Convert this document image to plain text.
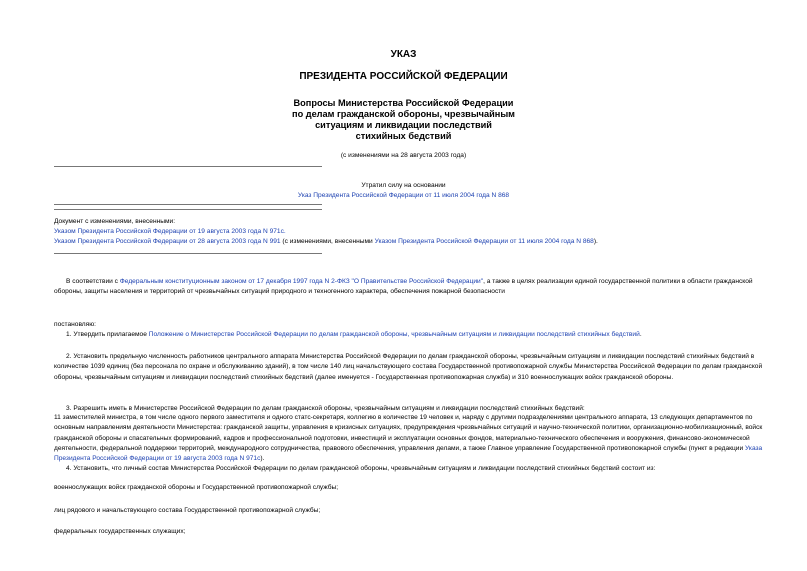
УКАЗ
ПРЕЗИДЕНТА РОССИЙСКОЙ ФЕДЕРАЦИИ
Вопросы Министерства Российской Федерации
по делам гражданской обороны, чрезвычайным
ситуациям и ликвидации последствий
стихийных бедствий
(с изменениями на 28 августа 2003 года)
Утратил силу на основании
Указ Президента Российской Федерации от 11 июля 2004 года N 868
Документ с изменениями, внесенными:
Указом Президента Российской Федерации от 19 августа 2003 года N 971с.
Указом Президента Российской Федерации от 28 августа 2003 года N 991 (с изменениями, внесенными Указом Президента Российской Федерации от 11 июля 2004 года N 868).
В соответствии с Федеральным конституционным законом от 17 декабря 1997 года N 2-ФКЗ "О Правительстве Российской Федерации", а также в целях реализации единой государственной политики в области гражданской обороны, защиты населения и территорий от чрезвычайных ситуаций природного и техногенного характера, обеспечения пожарной безопасности
постановляю:
1. Утвердить прилагаемое Положение о Министерстве Российской Федерации по делам гражданской обороны, чрезвычайным ситуациям и ликвидации последствий стихийных бедствий.
2. Установить предельную численность работников центрального аппарата Министерства Российской Федерации по делам гражданской обороны, чрезвычайным ситуациям и ликвидации последствий стихийных бедствий в количестве 1039 единиц (без персонала по охране и обслуживанию зданий), в том числе 140 лиц начальствующего состава Государственной противопожарной службы Министерства Российской Федерации по делам гражданской обороны, чрезвычайным ситуациям и ликвидации последствий стихийных бедствий (далее именуется - Государственная противопожарная служба) и 310 военнослужащих войск гражданской обороны.
3. Разрешить иметь в Министерстве Российской Федерации по делам гражданской обороны, чрезвычайным ситуациям и ликвидации последствий стихийных бедствий:
11 заместителей министра, в том числе одного первого заместителя и одного статс-секретаря, коллегию в количестве 19 человек и, наряду с другими подразделениями центрального аппарата, 13 следующих департаментов по основным направлениям деятельности Министерства: гражданской защиты, управления в кризисных ситуациях, предупреждения чрезвычайных ситуаций и научно-технической политики, организационно-мобилизационный, войск гражданской обороны и спасательных формирований, кадров и профессиональной подготовки, инвестиций и эксплуатации основных фондов, материально-технического обеспечения и вооружения, финансово-экономической деятельности, федеральной поддержки территорий, международного сотрудничества, правового обеспечения, управления делами, а также Главное управление Государственной противопожарной службы (пункт в редакции Указа Президента Российской Федерации от 19 августа 2003 года N 971с).
4. Установить, что личный состав Министерства Российской Федерации по делам гражданской обороны, чрезвычайным ситуациям и ликвидации последствий стихийных бедствий состоит из:
военнослужащих войск гражданской обороны и Государственной противопожарной службы;
лиц рядового и начальствующего состава Государственной противопожарной службы;
федеральных государственных служащих;
